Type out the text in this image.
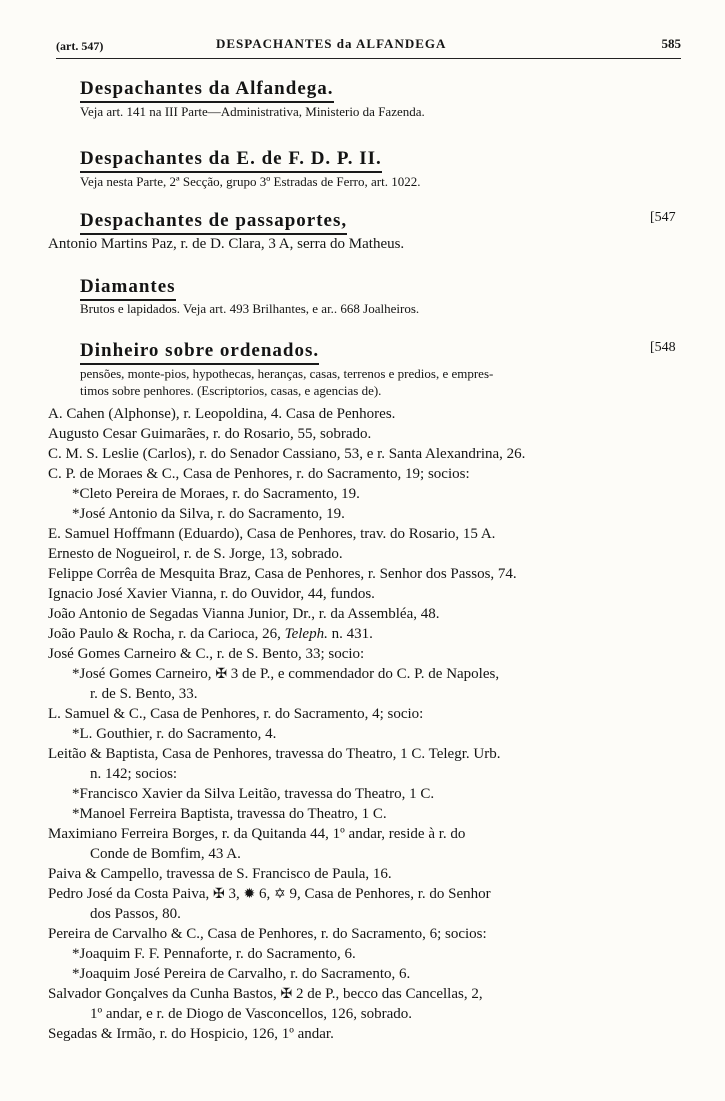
(art. 547)	DESPACHANTES da ALFANDEGA	585
Despachantes da Alfandega.
Veja art. 141 na III Parte—Administrativa, Ministerio da Fazenda.
Despachantes da E. de F. D. P. II.
Veja nesta Parte, 2ª Secção, grupo 3º Estradas de Ferro, art. 1022.
Despachantes de passaportes,	[547
Antonio Martins Paz, r. de D. Clara, 3 A, serra do Matheus.
Diamantes
Brutos e lapidados. Veja art. 493 Brilhantes, e ar.. 668 Joalheiros.
Dinheiro sobre ordenados.	[548
pensões, monte-pios, hypothecas, heranças, casas, terrenos e predios, e empres-
timos sobre penhores. (Escriptorios, casas, e agencias de).
A. Cahen (Alphonse), r. Leopoldina, 4. Casa de Penhores.
Augusto Cesar Guimarães, r. do Rosario, 55, sobrado.
C. M. S. Leslie (Carlos), r. do Senador Cassiano, 53, e r. Santa Alexandrina, 26.
C. P. de Moraes & C., Casa de Penhores, r. do Sacramento, 19; socios:
*Cleto Pereira de Moraes, r. do Sacramento, 19.
*José Antonio da Silva, r. do Sacramento, 19.
E. Samuel Hoffmann (Eduardo), Casa de Penhores, trav. do Rosario, 15 A.
Ernesto de Nogueirol, r. de S. Jorge, 13, sobrado.
Felippe Corrêa de Mesquita Braz, Casa de Penhores, r. Senhor dos Passos, 74.
Ignacio José Xavier Vianna, r. do Ouvidor, 44, fundos.
João Antonio de Segadas Vianna Junior, Dr., r. da Assembléa, 48.
João Paulo & Rocha, r. da Carioca, 26, Teleph. n. 431.
José Gomes Carneiro & C., r. de S. Bento, 33; socio:
*José Gomes Carneiro, ✠ 3 de P., e commendador do C. P. de Napoles,
r. de S. Bento, 33.
L. Samuel & C., Casa de Penhores, r. do Sacramento, 4; socio:
*L. Gouthier, r. do Sacramento, 4.
Leitão & Baptista, Casa de Penhores, travessa do Theatro, 1 C. Telegr. Urb.
n. 142; socios:
*Francisco Xavier da Silva Leitão, travessa do Theatro, 1 C.
*Manoel Ferreira Baptista, travessa do Theatro, 1 C.
Maximiano Ferreira Borges, r. da Quitanda 44, 1º andar, reside à r. do
Conde de Bomfim, 43 A.
Paiva & Campello, travessa de S. Francisco de Paula, 16.
Pedro José da Costa Paiva, ✠ 3, ✹ 6, ✡ 9, Casa de Penhores, r. do Senhor
dos Passos, 80.
Pereira de Carvalho & C., Casa de Penhores, r. do Sacramento, 6; socios:
*Joaquim F. F. Pennaforte, r. do Sacramento, 6.
*Joaquim José Pereira de Carvalho, r. do Sacramento, 6.
Salvador Gonçalves da Cunha Bastos, ✠ 2 de P., becco das Cancellas, 2,
1º andar, e r. de Diogo de Vasconcellos, 126, sobrado.
Segadas & Irmão, r. do Hospicio, 126, 1º andar.
